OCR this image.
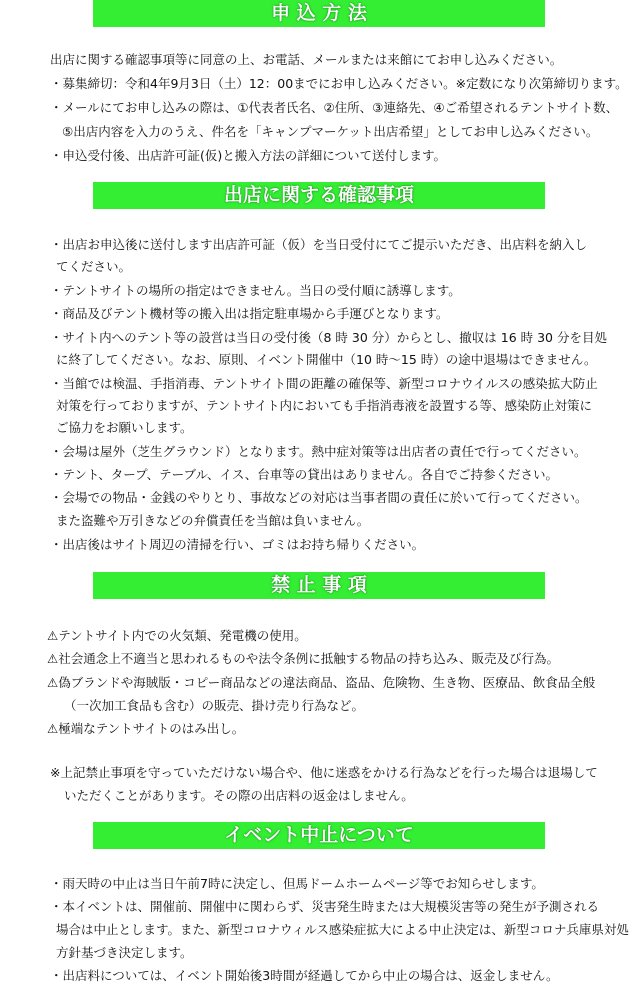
申 込 方 法
出店に関する確認事項等に同意の上、お電話、メールまたは来館にてお申し込みください。
・募集締切：令和4年9月3日（土）12：00までにお申し込みください。※定数になり次第締切ります。
・メールにてお申し込みの際は、①代表者氏名、②住所、③連絡先、④ご希望されるテントサイト数、
⑤出店内容を入力のうえ、件名を「キャンプマーケット出店希望」としてお申し込みください。
・申込受付後、出店許可証(仮)と搬入方法の詳細について送付します。
出店に関する確認事項
・出店お申込後に送付します出店許可証（仮）を当日受付にてご提示いただき、出店料を納入し
てください。
・テントサイトの場所の指定はできません。当日の受付順に誘導します。
・商品及びテント機材等の搬入出は指定駐車場から手運びとなります。
・サイト内へのテント等の設営は当日の受付後（8 時 30 分）からとし、撤収は 16 時 30 分を目処
に終了してください。なお、原則、イベント開催中（10 時～15 時）の途中退場はできません。
・当館では検温、手指消毒、テントサイト間の距離の確保等、新型コロナウイルスの感染拡大防止
対策を行っておりますが、テントサイト内においても手指消毒液を設置する等、感染防止対策に
ご協力をお願いします。
・会場は屋外（芝生グラウンド）となります。熱中症対策等は出店者の責任で行ってください。
・テント、タープ、テーブル、イス、台車等の貸出はありません。各自でご持参ください。
・会場での物品・金銭のやりとり、事故などの対応は当事者間の責任に於いて行ってください。
また盗難や万引きなどの弁償責任を当館は負いません。
・出店後はサイト周辺の清掃を行い、ゴミはお持ち帰りください。
禁 止 事 項
⚠テントサイト内での火気類、発電機の使用。
⚠社会通念上不適当と思われるものや法令条例に抵触する物品の持ち込み、販売及び行為。
⚠偽ブランドや海賊版・コピー商品などの違法商品、盗品、危険物、生き物、医療品、飲食品全般
（一次加工食品も含む）の販売、掛け売り行為など。
⚠極端なテントサイトのはみ出し。
※上記禁止事項を守っていただけない場合や、他に迷惑をかける行為などを行った場合は退場して
いただくことがあります。その際の出店料の返金はしません。
イベント中止について
・雨天時の中止は当日午前7時に決定し、但馬ドームホームページ等でお知らせします。
・本イベントは、開催前、開催中に関わらず、災害発生時または大規模災害等の発生が予測される
場合は中止とします。また、新型コロナウィルス感染症拡大による中止決定は、新型コロナ兵庫県対処
方針基づき決定します。
・出店料については、イベント開始後3時間が経過してから中止の場合は、返金しません。
